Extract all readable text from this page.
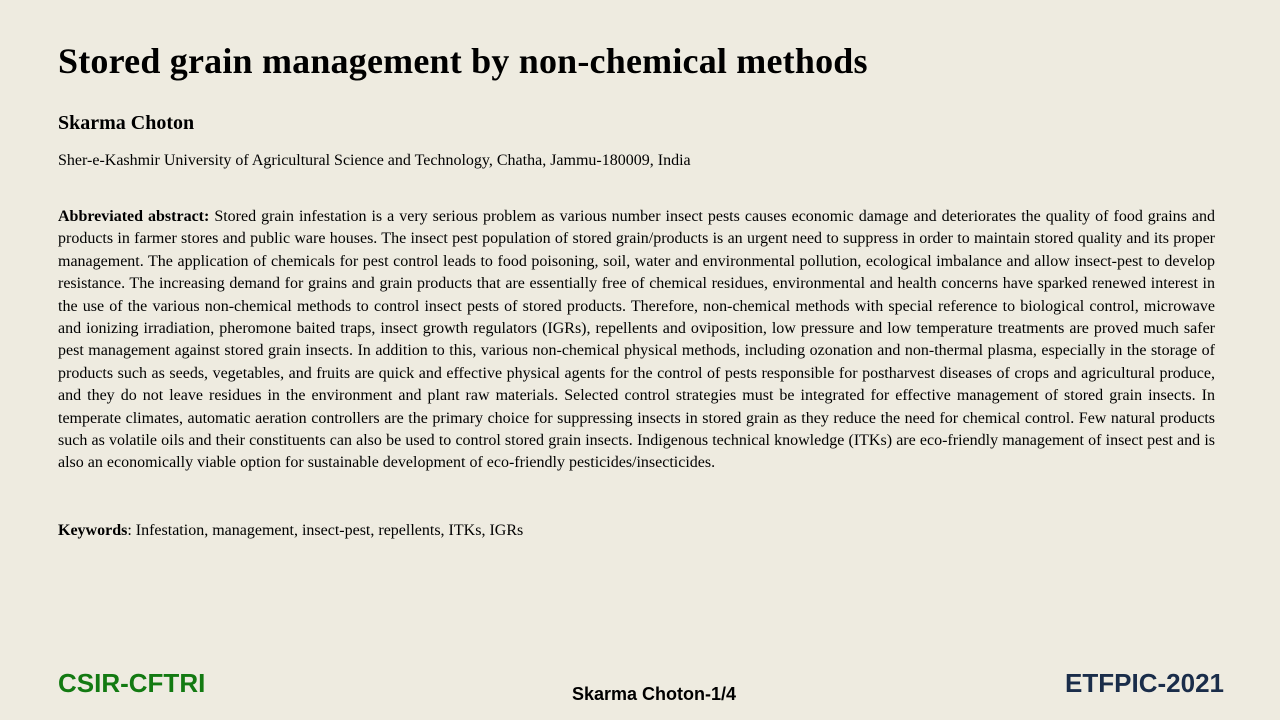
Stored grain management by non-chemical methods
Skarma Choton
Sher-e-Kashmir University of Agricultural Science and Technology, Chatha, Jammu-180009, India

Abbreviated abstract: Stored grain infestation is a very serious problem as various number insect pests causes economic damage and deteriorates the quality of food grains and products in farmer stores and public ware houses. The insect pest population of stored grain/products is an urgent need to suppress in order to maintain stored quality and its proper management. The application of chemicals for pest control leads to food poisoning, soil, water and environmental pollution, ecological imbalance and allow insect-pest to develop resistance. The increasing demand for grains and grain products that are essentially free of chemical residues, environmental and health concerns have sparked renewed interest in the use of the various non-chemical methods to control insect pests of stored products. Therefore, non-chemical methods with special reference to biological control, microwave and ionizing irradiation, pheromone baited traps, insect growth regulators (IGRs), repellents and oviposition, low pressure and low temperature treatments are proved much safer pest management against stored grain insects. In addition to this, various non-chemical physical methods, including ozonation and non-thermal plasma, especially in the storage of products such as seeds, vegetables, and fruits are quick and effective physical agents for the control of pests responsible for postharvest diseases of crops and agricultural produce, and they do not leave residues in the environment and plant raw materials. Selected control strategies must be integrated for effective management of stored grain insects. In temperate climates, automatic aeration controllers are the primary choice for suppressing insects in stored grain as they reduce the need for chemical control. Few natural products such as volatile oils and their constituents can also be used to control stored grain insects. Indigenous technical knowledge (ITKs) are eco-friendly management of insect pest and is also an economically viable option for sustainable development of eco-friendly pesticides/insecticides.

Keywords: Infestation, management, insect-pest, repellents, ITKs, IGRs
CSIR-CFTRI	Skarma Choton-1/4	ETFPIC-2021
